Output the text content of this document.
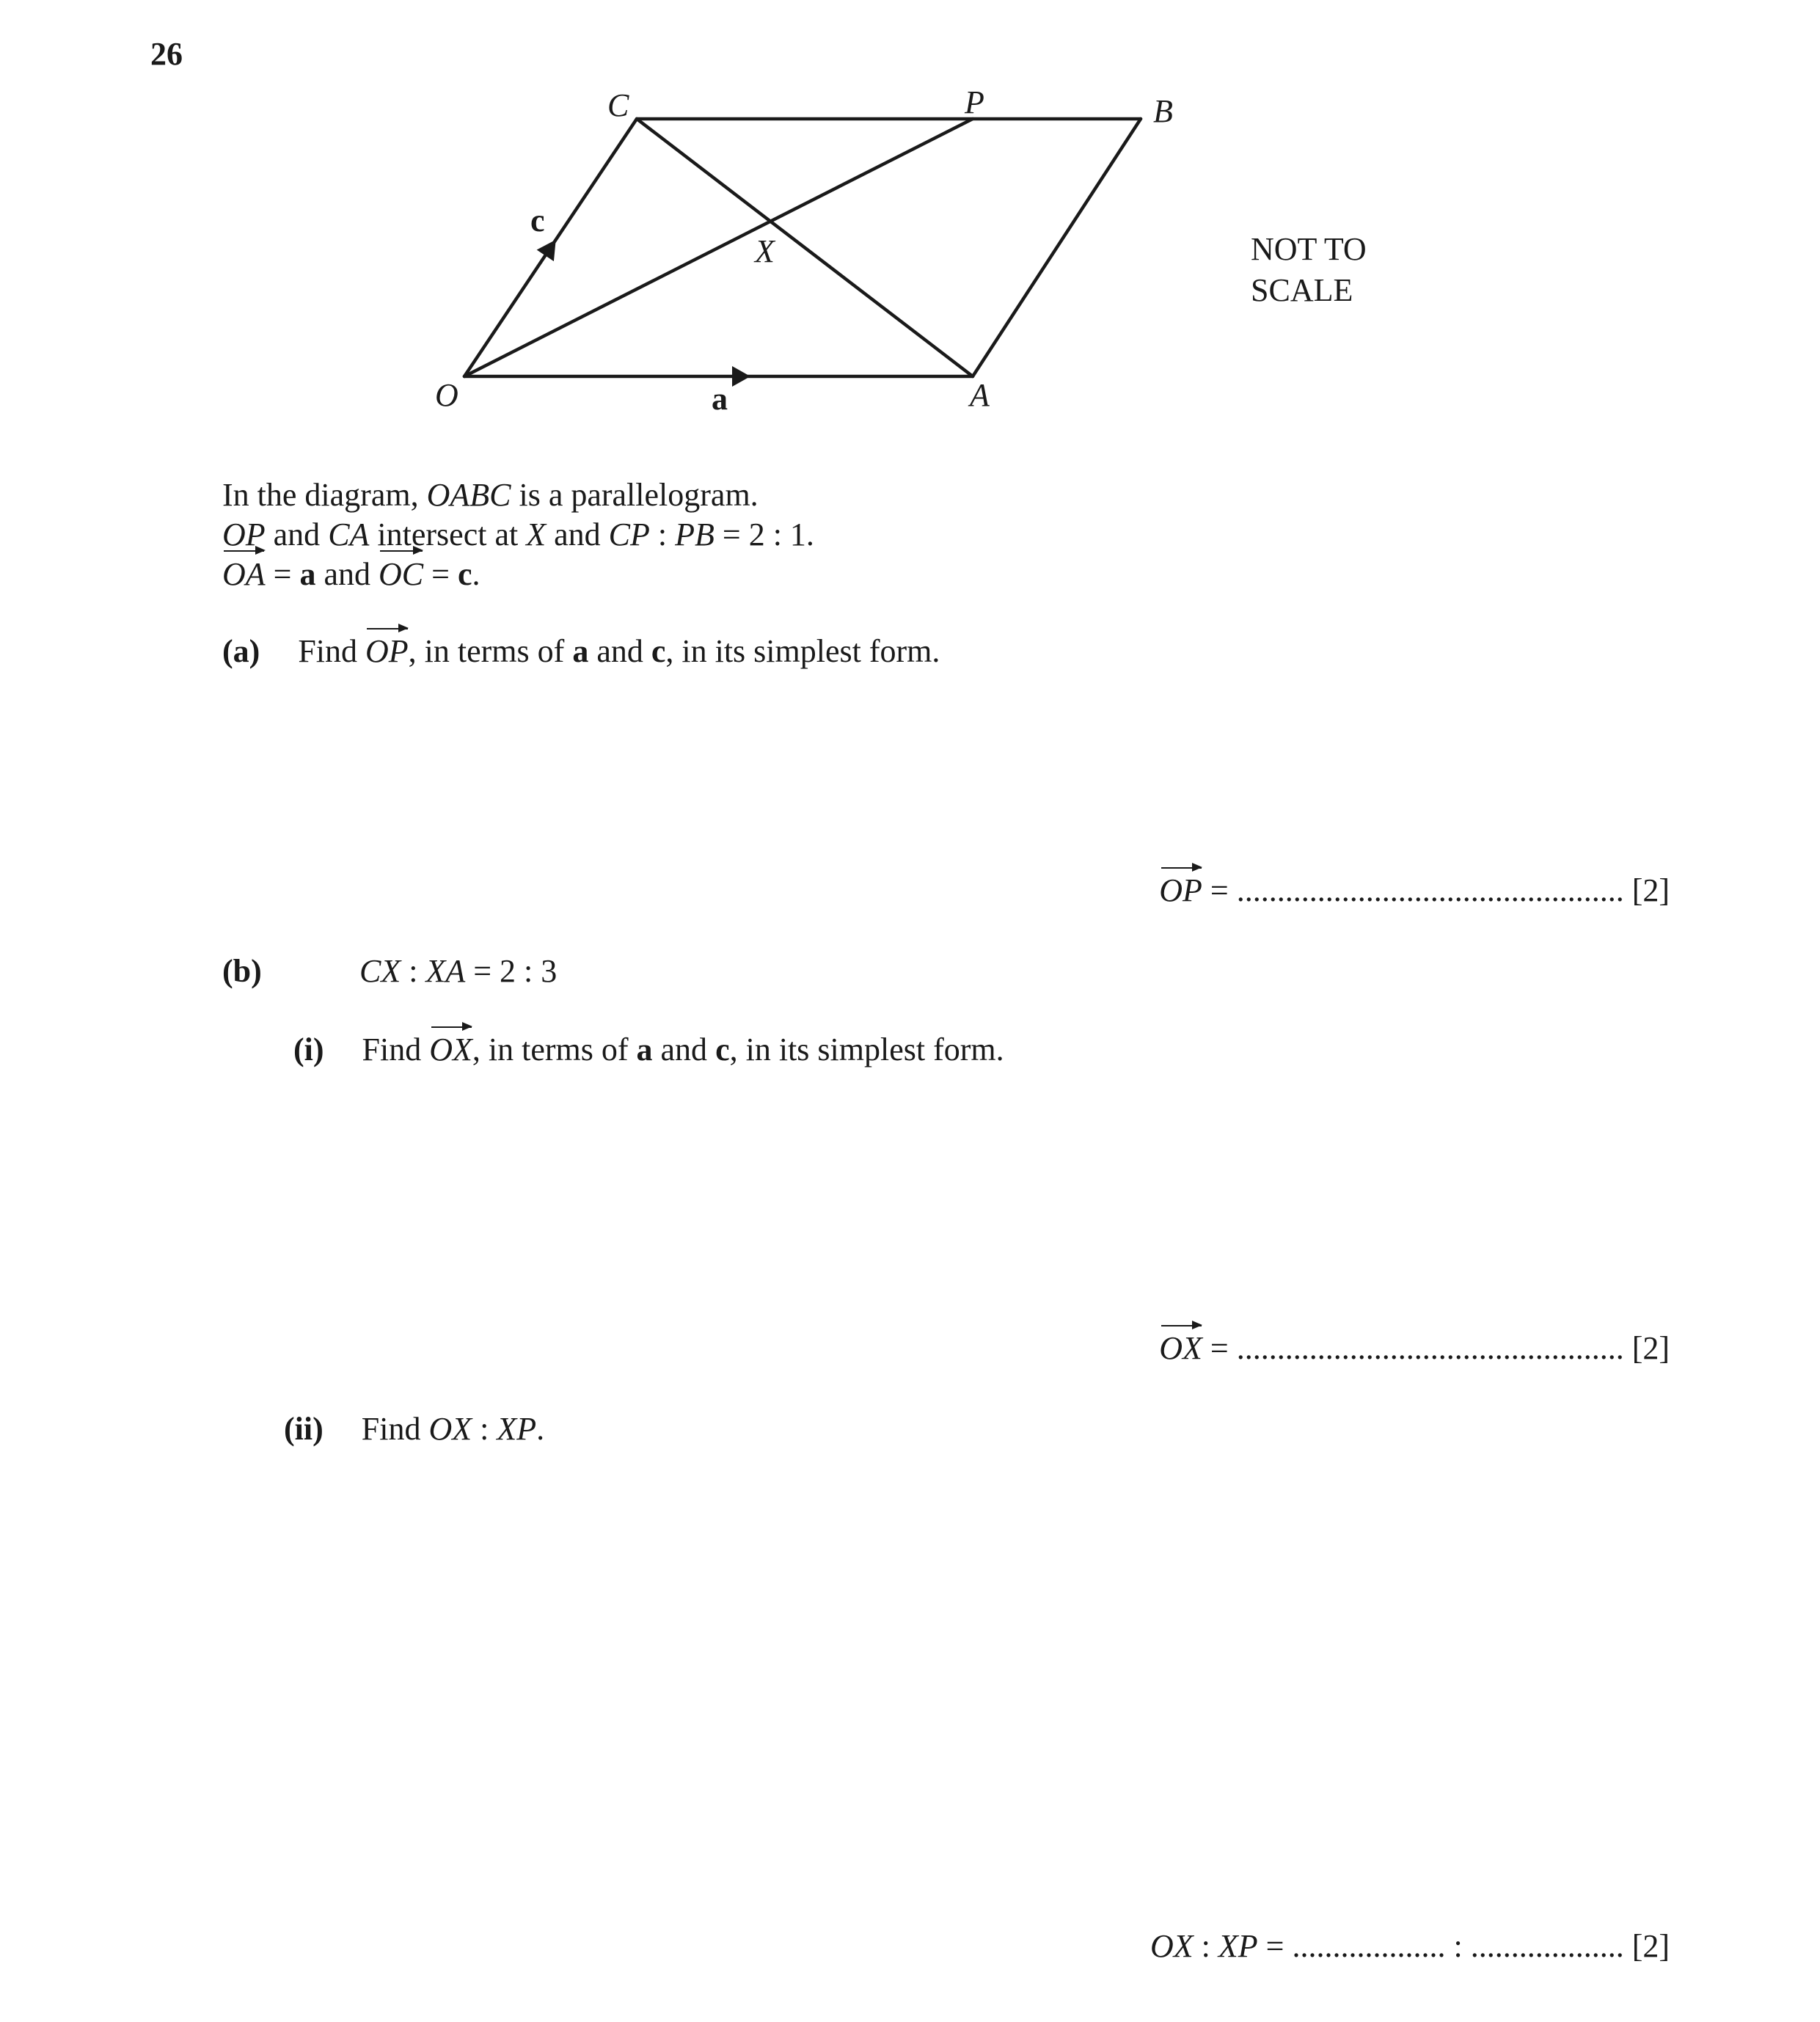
26
O	A
B
C	P
X
a
c
NOT TO
SCALE
In the diagram, OABC is a parallelogram.
OP and CA intersect at X and CP : PB = 2 : 1.
OA = a and OC = c.
(a) Find OP, in terms of a and c, in its simplest form.
OP = ................................................ [2]
(b)	CX : XA = 2 : 3
(i) Find OX, in terms of a and c, in its simplest form.
OX = ................................................ [2]
(ii) Find OX : XP.
OX : XP = ................... : ................... [2]
